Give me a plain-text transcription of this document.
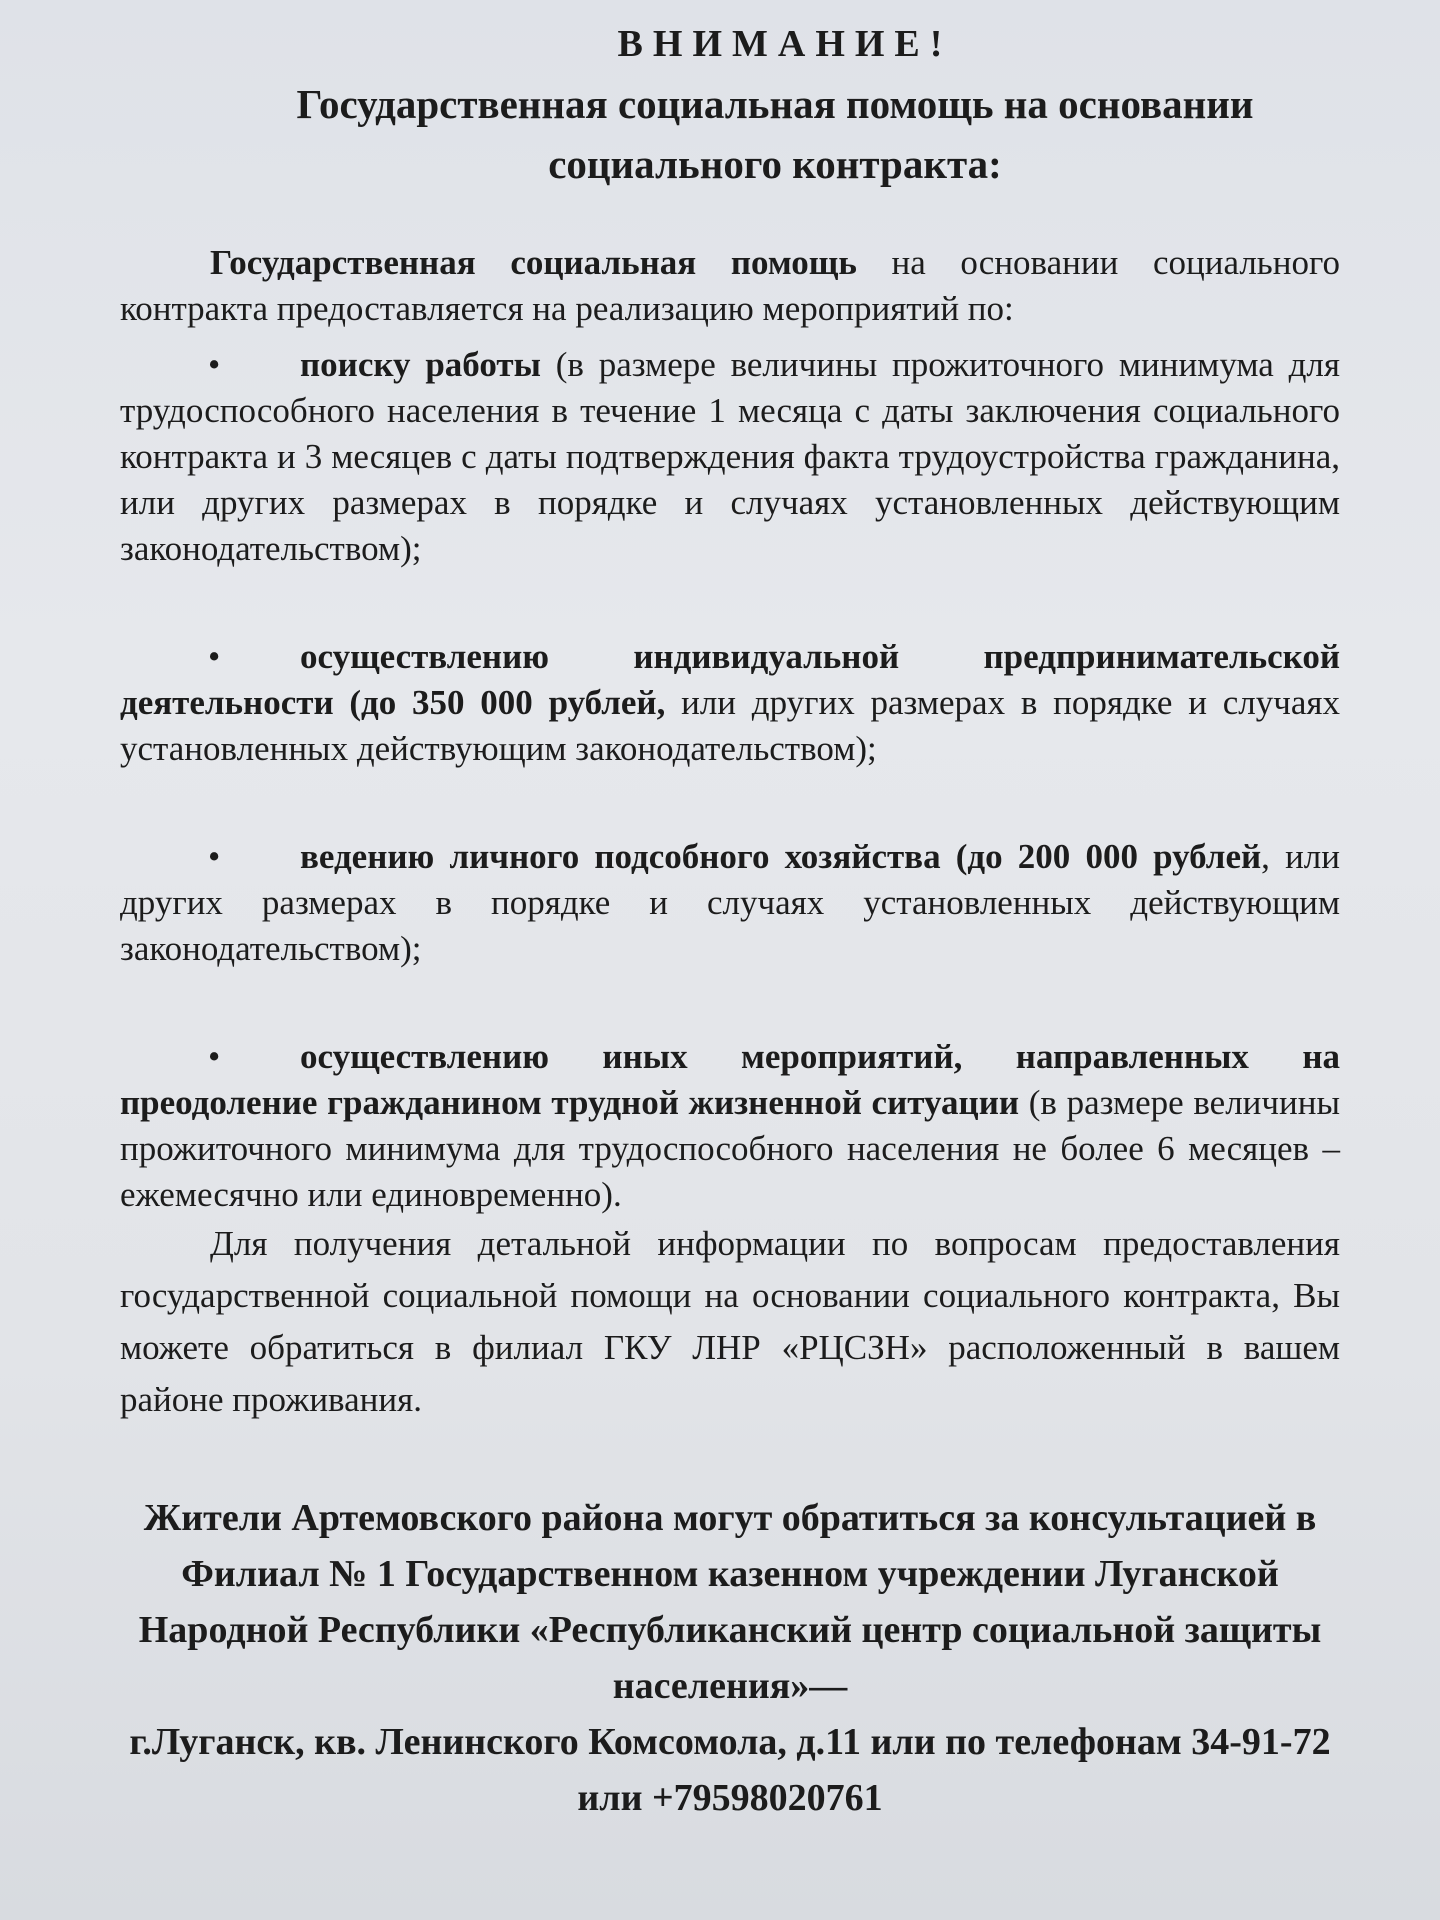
ВНИМАНИЕ!

Государственная социальная помощь на основании социального контракта:

Государственная социальная помощь на основании социального контракта предоставляется на реализацию мероприятий по:

• поиску работы (в размере величины прожиточного минимума для трудоспособного населения в течение 1 месяца с даты заключения социального контракта и 3 месяцев с даты подтверждения факта трудоустройства гражданина, или других размерах в порядке и случаях установленных действующим законодательством);
• осуществлению индивидуальной предпринимательской деятельности (до 350 000 рублей, или других размерах в порядке и случаях установленных действующим законодательством);
• ведению личного подсобного хозяйства (до 200 000 рублей, или других размерах в порядке и случаях установленных действующим законодательством);
• осуществлению иных мероприятий, направленных на преодоление гражданином трудной жизненной ситуации (в размере величины прожиточного минимума для трудоспособного населения не более 6 месяцев – ежемесячно или единовременно).

Для получения детальной информации по вопросам предоставления государственной социальной помощи на основании социального контракта, Вы можете обратиться в филиал ГКУ ЛНР «РЦСЗН» расположенный в вашем районе проживания.

Жители Артемовского района могут обратиться за консультацией в Филиал № 1 Государственном казенном учреждении Луганской Народной Республики «Республиканский центр социальной защиты населения»—

г.Луганск, кв. Ленинского Комсомола, д.11 или по телефонам 34-91-72 или +79598020761
